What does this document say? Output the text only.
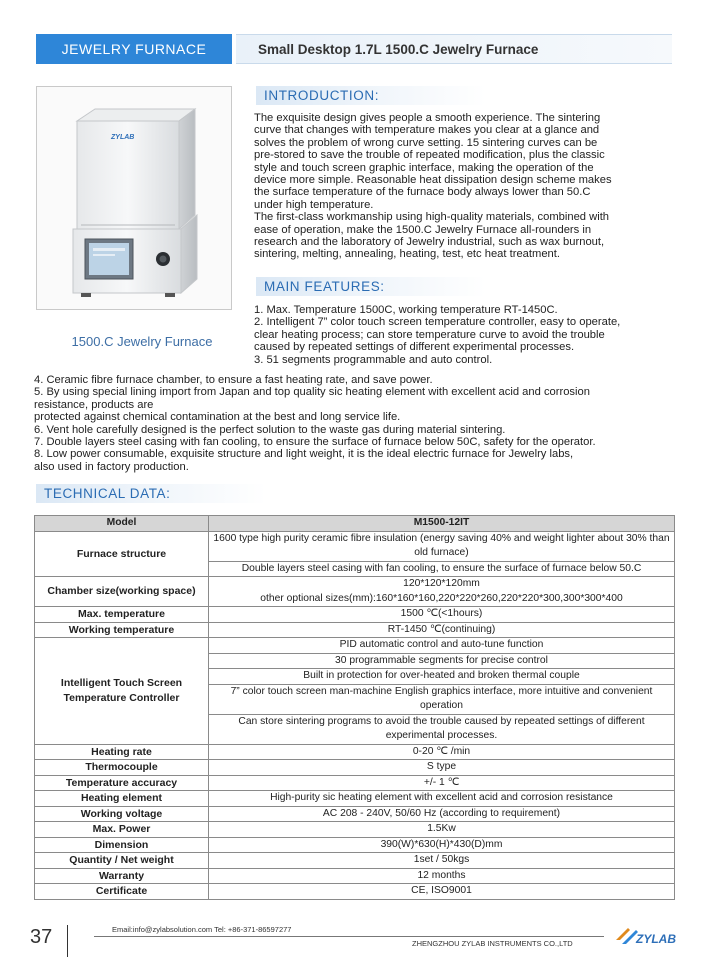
JEWELRY FURNACE	Small Desktop 1.7L 1500.C Jewelry Furnace
ZYLAB
1500.C Jewelry Furnace
INTRODUCTION:
The exquisite design gives people a smooth experience. The sintering
curve that changes with temperature makes you clear at a glance and
solves the problem of wrong curve setting. 15 sintering curves can be
pre-stored to save the trouble of repeated modification, plus the classic
style and touch screen graphic interface, making the operation of the
device more simple. Reasonable heat dissipation design scheme makes
the surface temperature of the furnace body always lower than 50.C
under high temperature.
The first-class workmanship using high-quality materials, combined with
ease of operation, make the 1500.C Jewelry Furnace all-rounders in
research and the laboratory of Jewelry industrial, such as wax burnout,
sintering, melting, annealing, heating, test, etc heat treatment.
MAIN FEATURES:
1. Max. Temperature 1500C, working temperature RT-1450C.
2. Intelligent 7” color touch screen temperature controller, easy to operate,
clear heating process; can store temperature curve to avoid the trouble
caused by repeated settings of different experimental processes.
3. 51 segments programmable and auto control.
4. Ceramic fibre furnace chamber, to ensure a fast heating rate, and save power.
5. By using special lining import from Japan and top quality sic heating element with excellent acid and corrosion
resistance, products are
protected against chemical contamination at the best and long service life.
6. Vent hole carefully designed is the perfect solution to the waste gas during material sintering.
7. Double layers steel casing with fan cooling, to ensure the surface of furnace below 50C, safety for the operator.
8. Low power consumable, exquisite structure and light weight, it is the ideal electric furnace for Jewelry labs,
also used in factory production.
TECHNICAL DATA:
Model	M1500-12IT
Furnace structure	1600 type high purity ceramic fibre insulation (energy saving 40% and weight lighter about 30% than old furnace)
	Double layers steel casing with fan cooling, to ensure the surface of furnace below 50.C
Chamber size(working space)	120*120*120mm
other optional sizes(mm):160*160*160,220*220*260,220*220*300,300*300*400
Max. temperature	1500 ℃(<1hours)
Working temperature	RT-1450 ℃(continuing)
Intelligent Touch Screen Temperature Controller	PID automatic control and auto-tune function
	30 programmable segments for precise control
	Built in protection for over-heated and broken thermal couple
	7” color touch screen man-machine English graphics interface, more intuitive and convenient operation
	Can store sintering programs to avoid the trouble caused by repeated settings of different experimental processes.
Heating rate	0-20 ℃ /min
Thermocouple	S type
Temperature accuracy	+/- 1 ℃
Heating element	High-purity sic heating element with excellent acid and corrosion resistance
Working voltage	AC 208 - 240V, 50/60 Hz (according to requirement)
Max. Power	1.5Kw
Dimension	390(W)*630(H)*430(D)mm
Quantity / Net weight	1set / 50kgs
Warranty	12 months
Certificate	CE, ISO9001
37	Email:info@zylabsolution.com Tel: +86-371-86597277
ZHENGZHOU ZYLAB INSTRUMENTS CO.,LTD	ZYLAB
